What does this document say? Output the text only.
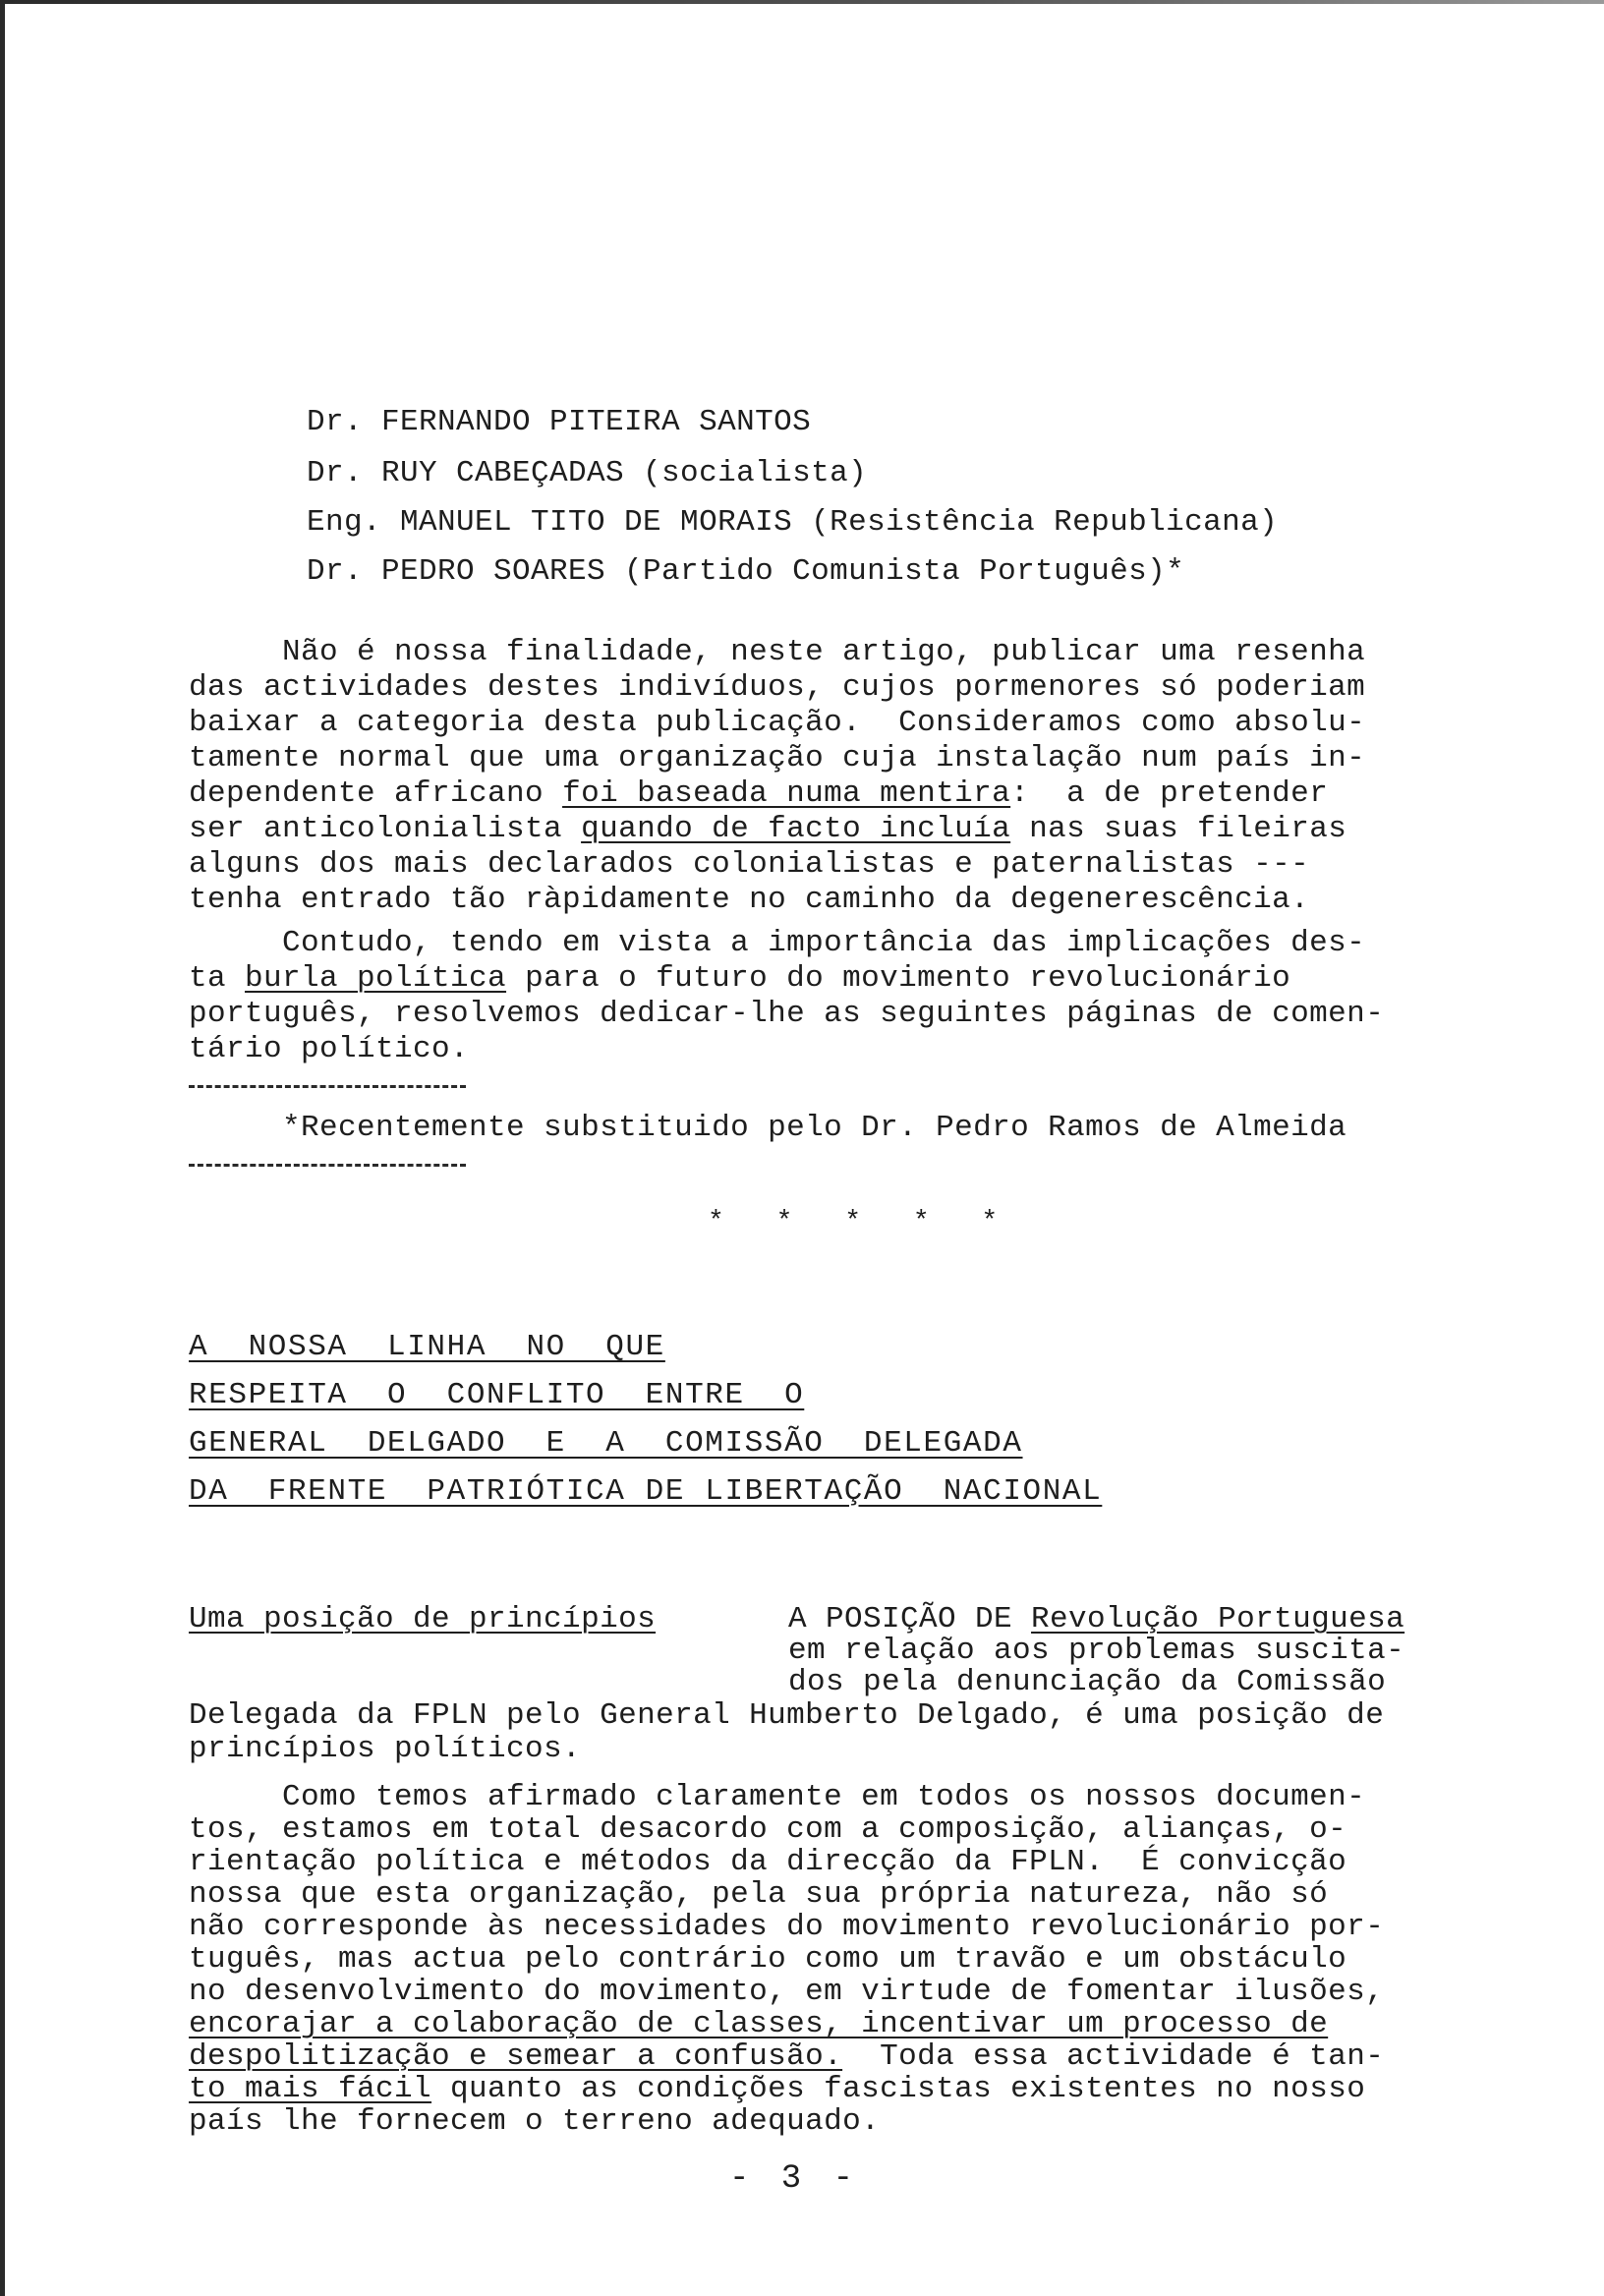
Dr. FERNANDO PITEIRA SANTOS
Dr. RUY CABEÇADAS (socialista)
Eng. MANUEL TITO DE MORAIS (Resistência Republicana)
Dr. PEDRO SOARES (Partido Comunista Português)*
Não é nossa finalidade, neste artigo, publicar uma resenha
das actividades destes indivíduos, cujos pormenores só poderiam
baixar a categoria desta publicação.  Consideramos como absolu-
tamente normal que uma organização cuja instalação num país in-
dependente africano foi baseada numa mentira:  a de pretender
ser anticolonialista quando de facto incluía nas suas fileiras
alguns dos mais declarados colonialistas e paternalistas ---
tenha entrado tão ràpidamente no caminho da degenerescência.
Contudo, tendo em vista a importância das implicações des-
ta burla política para o futuro do movimento revolucionário
português, resolvemos dedicar-lhe as seguintes páginas de comen-
tário político.
*Recentemente substituido pelo Dr. Pedro Ramos de Almeida
* * * * *
A  NOSSA  LINHA  NO  QUE
RESPEITA  O  CONFLITO  ENTRE  O
GENERAL  DELGADO  E  A  COMISSÃO  DELEGADA
DA  FRENTE  PATRIÓTICA DE LIBERTAÇÃO  NACIONAL
Uma posição de princípios	A POSIÇÃO DE Revolução Portuguesa
em relação aos problemas suscita-
dos pela denunciação da Comissão
Delegada da FPLN pelo General Humberto Delgado, é uma posição de
princípios políticos.
Como temos afirmado claramente em todos os nossos documen-
tos, estamos em total desacordo com a composição, alianças, o-
rientação política e métodos da direcção da FPLN.  É convicção
nossa que esta organização, pela sua própria natureza, não só
não corresponde às necessidades do movimento revolucionário por-
tuguês, mas actua pelo contrário como um travão e um obstáculo
no desenvolvimento do movimento, em virtude de fomentar ilusões,
encorajar a colaboração de classes, incentivar um processo de
despolitização e semear a confusão.  Toda essa actividade é tan-
to mais fácil quanto as condições fascistas existentes no nosso
país lhe fornecem o terreno adequado.
- 3 -
